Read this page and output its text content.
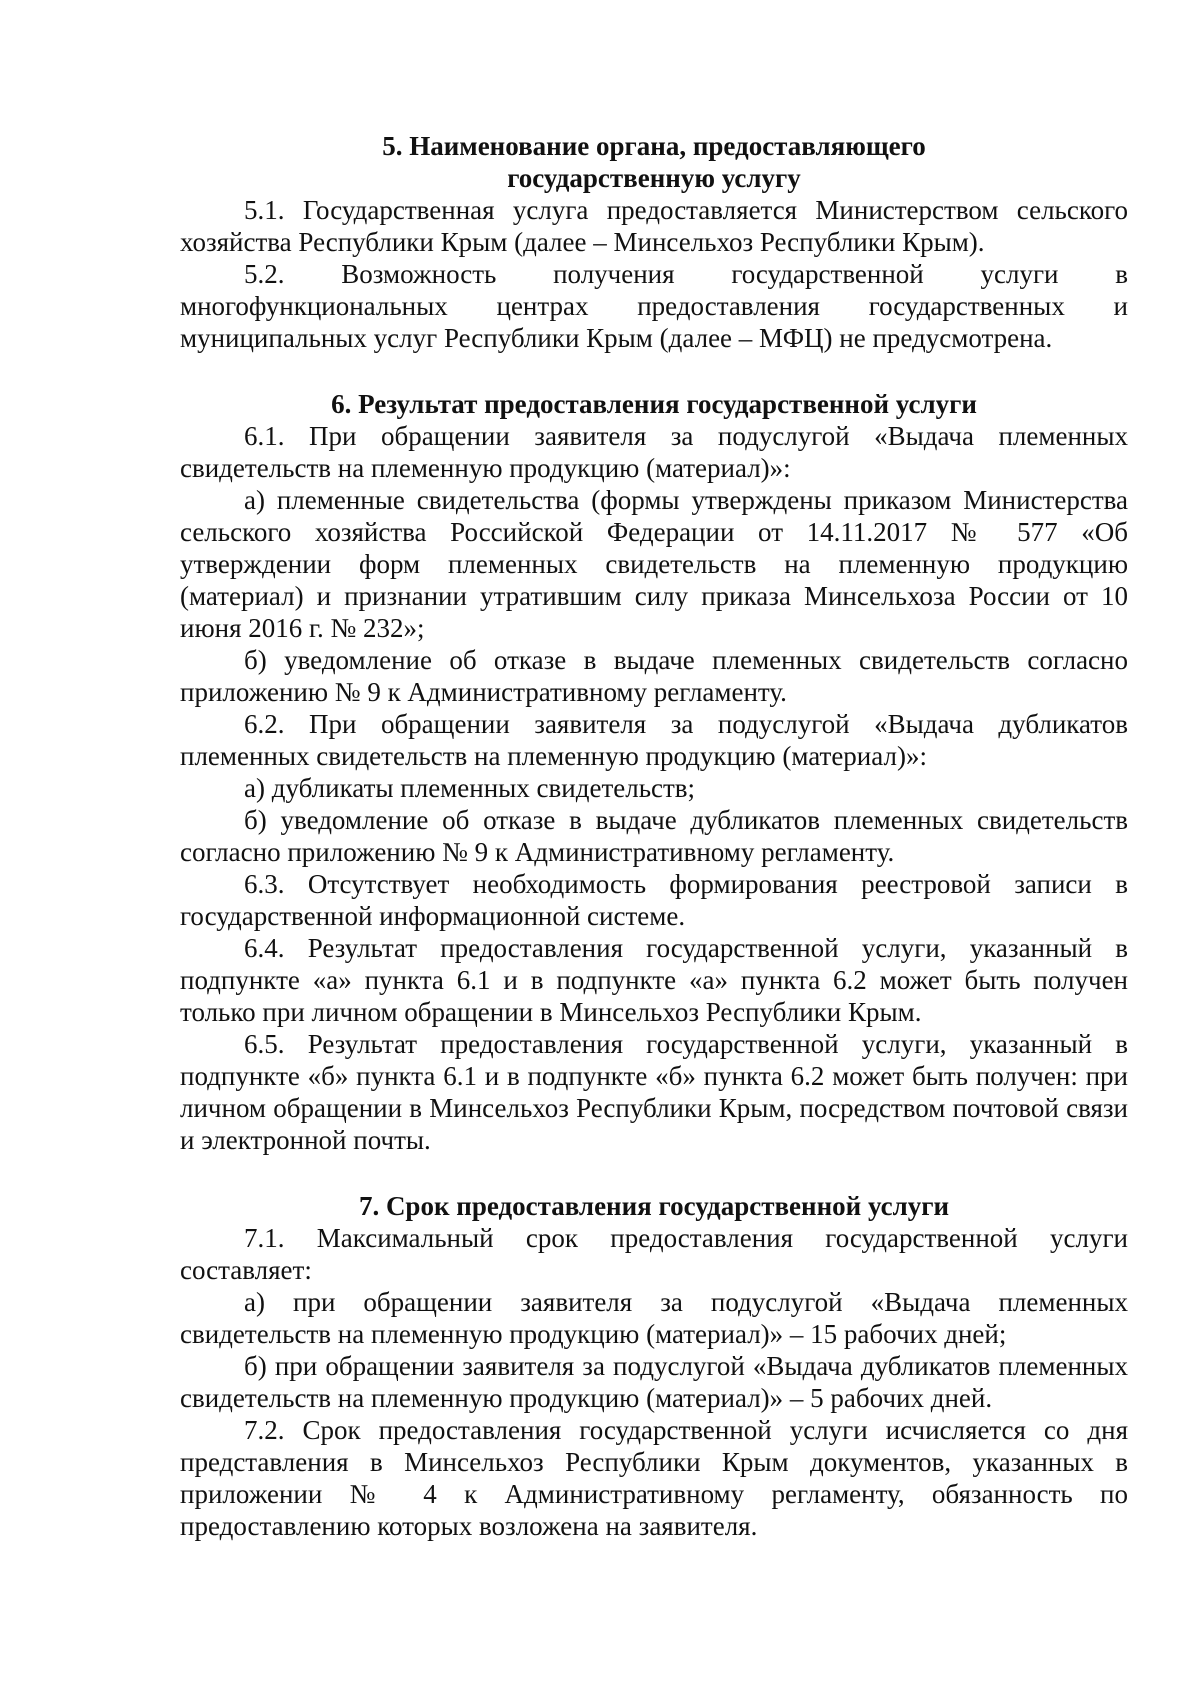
5. Наименование органа, предоставляющего
государственную услугу

5.1. Государственная услуга предоставляется Министерством сельского хозяйства Республики Крым (далее – Минсельхоз Республики Крым).

5.2. Возможность получения государственной услуги в многофункциональных центрах предоставления государственных и муниципальных услуг Республики Крым (далее – МФЦ) не предусмотрена.

6. Результат предоставления государственной услуги

6.1. При обращении заявителя за подуслугой «Выдача племенных свидетельств на племенную продукцию (материал)»:

а) племенные свидетельства (формы утверждены приказом Министерства сельского хозяйства Российской Федерации от 14.11.2017 № 577 «Об утверждении форм племенных свидетельств на племенную продукцию (материал) и признании утратившим силу приказа Минсельхоза России от 10 июня 2016 г. № 232»;

б) уведомление об отказе в выдаче племенных свидетельств согласно приложению № 9 к Административному регламенту.

6.2. При обращении заявителя за подуслугой «Выдача дубликатов племенных свидетельств на племенную продукцию (материал)»:

а) дубликаты племенных свидетельств;

б) уведомление об отказе в выдаче дубликатов племенных свидетельств согласно приложению № 9 к Административному регламенту.

6.3. Отсутствует необходимость формирования реестровой записи в государственной информационной системе.

6.4. Результат предоставления государственной услуги, указанный в подпункте «а» пункта 6.1 и в подпункте «а» пункта 6.2 может быть получен только при личном обращении в Минсельхоз Республики Крым.

6.5. Результат предоставления государственной услуги, указанный в подпункте «б» пункта 6.1 и в подпункте «б» пункта 6.2 может быть получен: при личном обращении в Минсельхоз Республики Крым, посредством почтовой связи и электронной почты.

7. Срок предоставления государственной услуги

7.1. Максимальный срок предоставления государственной услуги составляет:

а) при обращении заявителя за подуслугой «Выдача племенных свидетельств на племенную продукцию (материал)» – 15 рабочих дней;

б) при обращении заявителя за подуслугой «Выдача дубликатов племенных свидетельств на племенную продукцию (материал)» – 5 рабочих дней.

7.2. Срок предоставления государственной услуги исчисляется со дня представления в Минсельхоз Республики Крым документов, указанных в приложении № 4 к Административному регламенту, обязанность по предоставлению которых возложена на заявителя.
